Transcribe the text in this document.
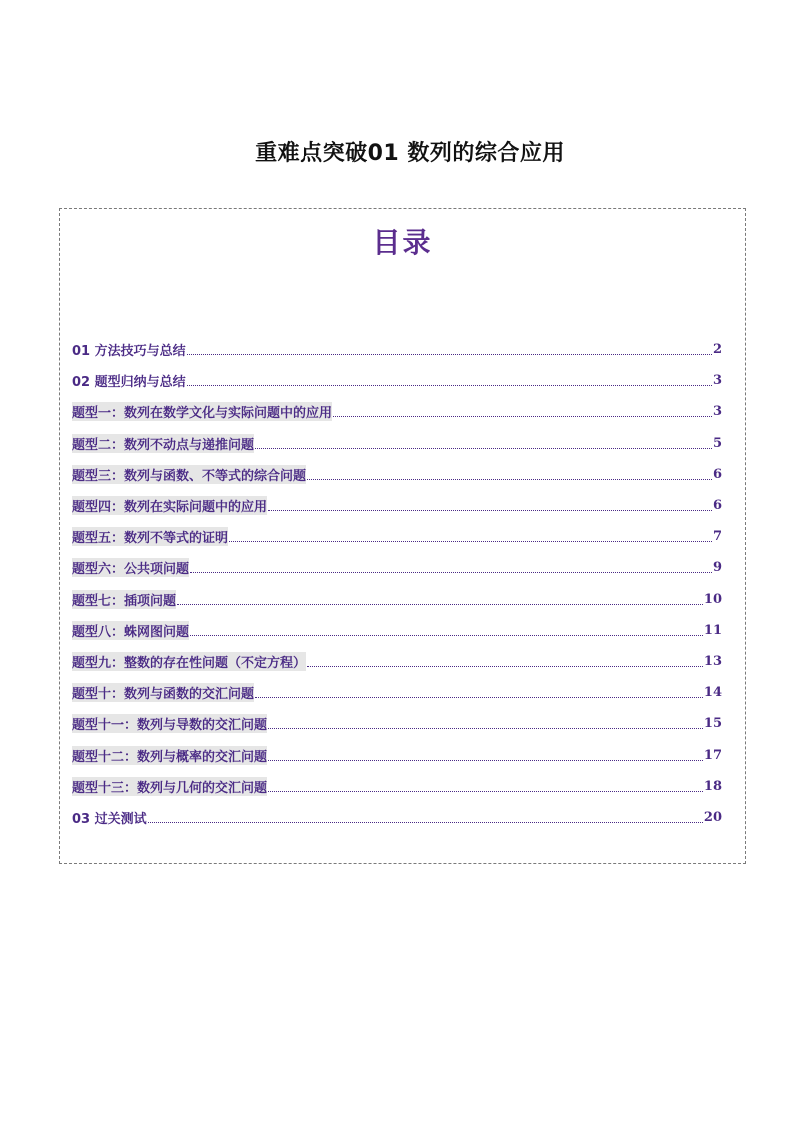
重难点突破01 数列的综合应用
目录
01 方法技巧与总结	2
02 题型归纳与总结	3
题型一：数列在数学文化与实际问题中的应用	3
题型二：数列不动点与递推问题	5
题型三：数列与函数、不等式的综合问题	6
题型四：数列在实际问题中的应用	6
题型五：数列不等式的证明	7
题型六：公共项问题	9
题型七：插项问题	10
题型八：蛛网图问题	11
题型九：整数的存在性问题（不定方程）	13
题型十：数列与函数的交汇问题	14
题型十一：数列与导数的交汇问题	15
题型十二：数列与概率的交汇问题	17
题型十三：数列与几何的交汇问题	18
03 过关测试	20
